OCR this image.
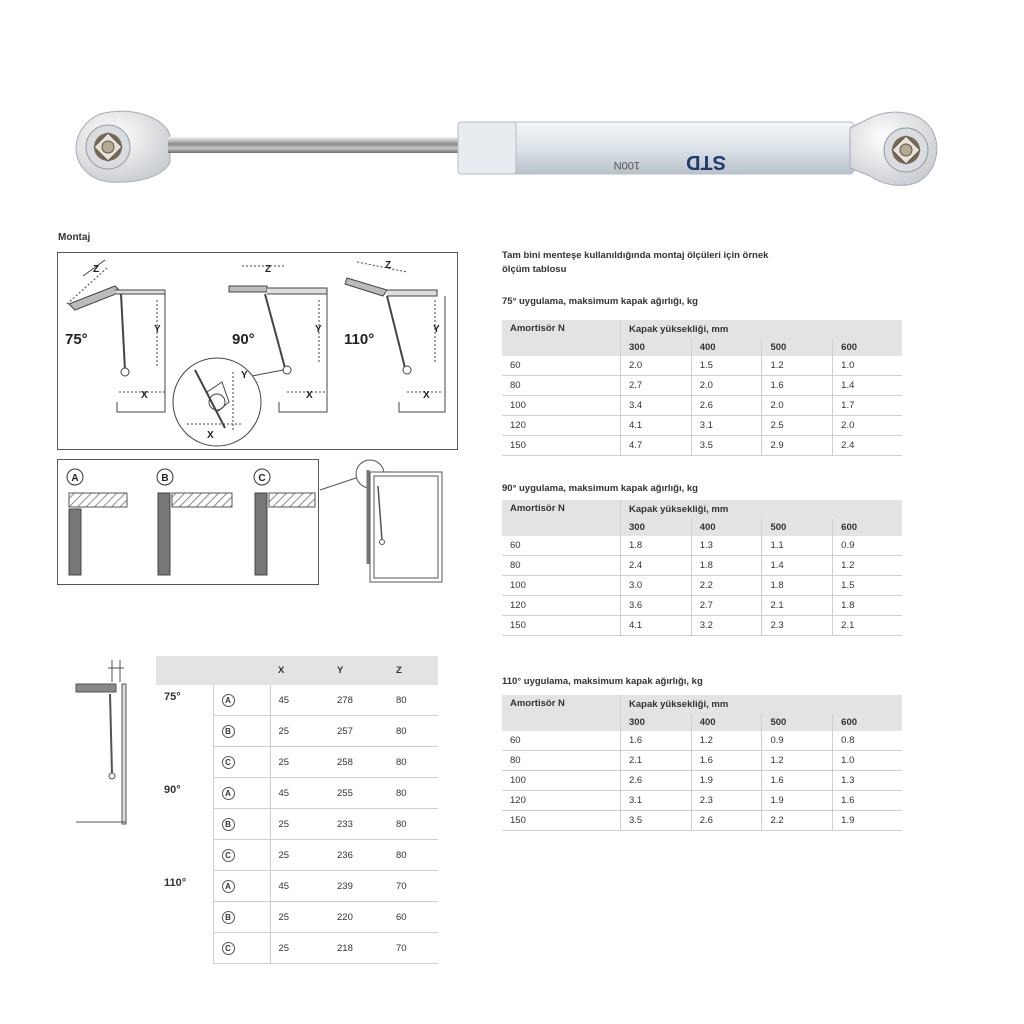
100N STD
Montaj
75°	90°	110°
Z
Y
X
Z
Y
X
Z
Y
X
Y
X
A	B	C
		X	Y	Z
75°	A	45	278	80
	B	25	257	80
	C	25	258	80
90°	A	45	255	80
	B	25	233	80
	C	25	236	80
110°	A	45	239	70
	B	25	220	60
	C	25	218	70
Tam bini menteşe kullanıldığında montaj ölçüleri için örnek
ölçüm tablosu
75° uygulama, maksimum kapak ağırlığı, kg
Amortisör N	Kapak yüksekliği, mm			
	300	400	500	600
60	2.0	1.5	1.2	1.0
80	2.7	2.0	1.6	1.4
100	3.4	2.6	2.0	1.7
120	4.1	3.1	2.5	2.0
150	4.7	3.5	2.9	2.4
90° uygulama, maksimum kapak ağırlığı, kg
Amortisör N	Kapak yüksekliği, mm			
	300	400	500	600
60	1.8	1.3	1.1	0.9
80	2.4	1.8	1.4	1.2
100	3.0	2.2	1.8	1.5
120	3.6	2.7	2.1	1.8
150	4.1	3.2	2.3	2.1
110° uygulama, maksimum kapak ağırlığı, kg
Amortisör N	Kapak yüksekliği, mm			
	300	400	500	600
60	1.6	1.2	0.9	0.8
80	2.1	1.6	1.2	1.0
100	2.6	1.9	1.6	1.3
120	3.1	2.3	1.9	1.6
150	3.5	2.6	2.2	1.9
